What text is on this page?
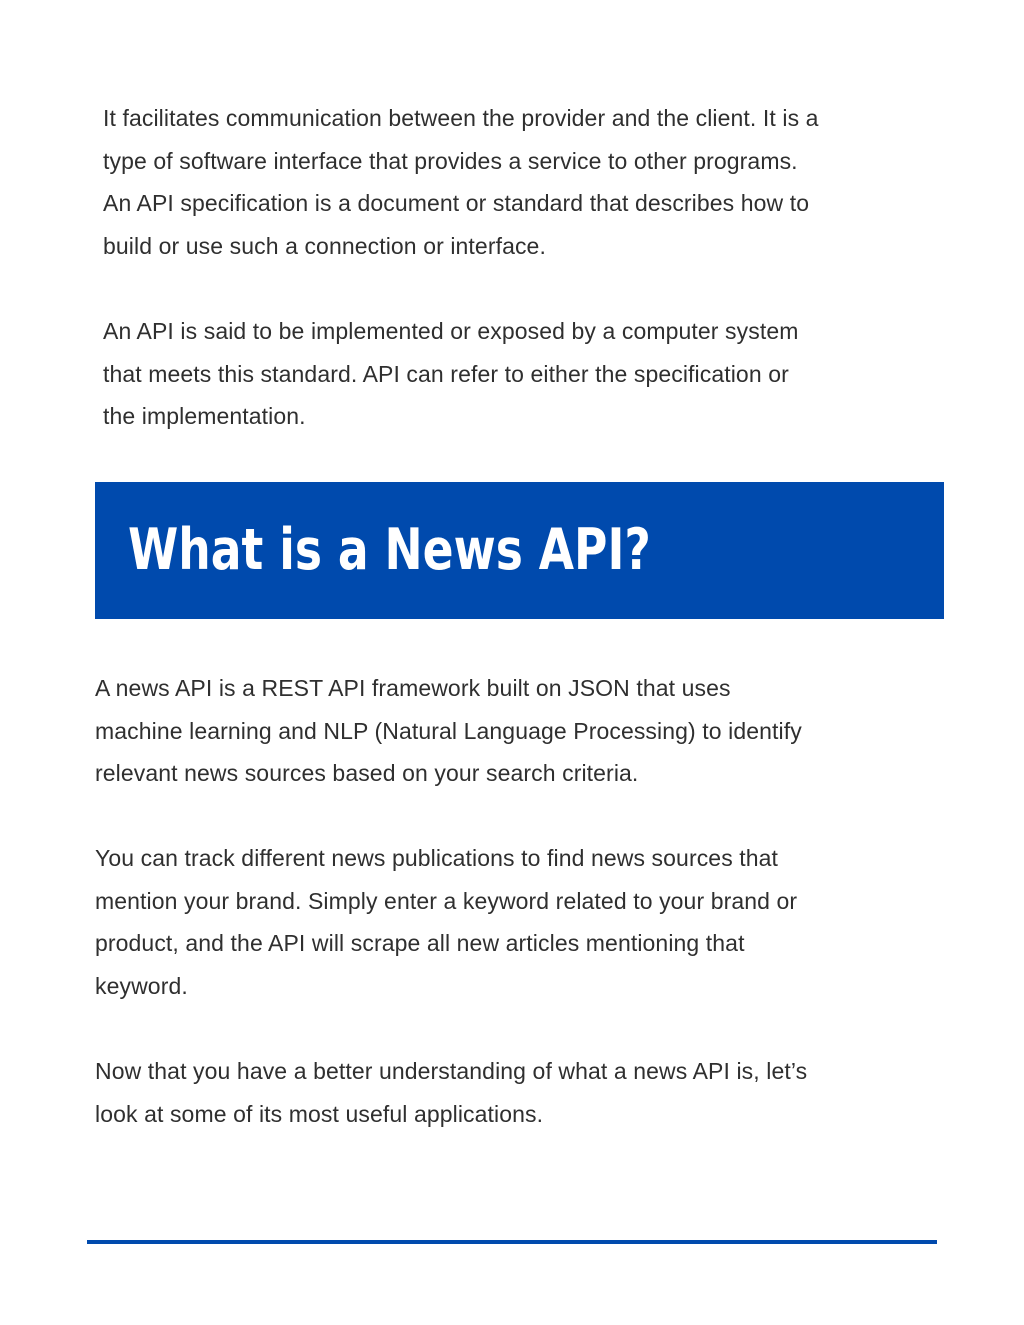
It facilitates communication between the provider and the client. It is a
type of software interface that provides a service to other programs.
An API specification is a document or standard that describes how to
build or use such a connection or interface.

An API is said to be implemented or exposed by a computer system
that meets this standard. API can refer to either the specification or
the implementation.

What is a News API?

A news API is a REST API framework built on JSON that uses
machine learning and NLP (Natural Language Processing) to identify
relevant news sources based on your search criteria.

You can track different news publications to find news sources that
mention your brand. Simply enter a keyword related to your brand or
product, and the API will scrape all new articles mentioning that
keyword.

Now that you have a better understanding of what a news API is, let’s
look at some of its most useful applications.
